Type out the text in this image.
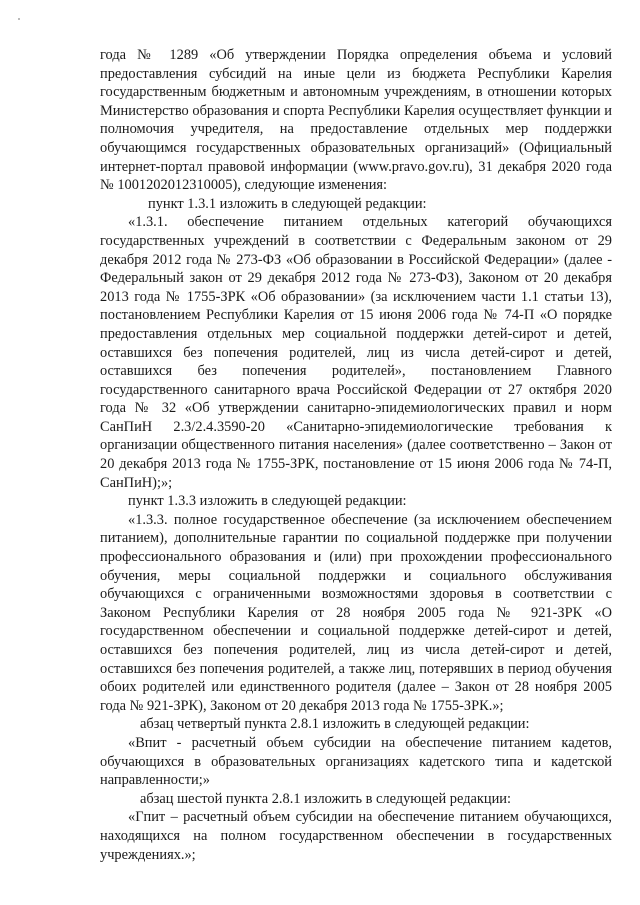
года № 1289 «Об утверждении Порядка определения объема и условий предоставления субсидий на иные цели из бюджета Республики Карелия государственным бюджетным и автономным учреждениям, в отношении которых Министерство образования и спорта Республики Карелия осуществляет функции и полномочия учредителя, на предоставление отдельных мер поддержки обучающимся государственных образовательных организаций» (Официальный интернет-портал правовой информации (www.pravo.gov.ru), 31 декабря 2020 года № 1001202012310005), следующие изменения:

пункт 1.3.1 изложить в следующей редакции:

«1.3.1. обеспечение питанием отдельных категорий обучающихся государственных учреждений в соответствии с Федеральным законом от 29 декабря 2012 года № 273-ФЗ «Об образовании в Российской Федерации» (далее - Федеральный закон от 29 декабря 2012 года № 273-ФЗ), Законом от 20 декабря 2013 года № 1755-ЗРК «Об образовании» (за исключением части 1.1 статьи 13), постановлением Республики Карелия от 15 июня 2006 года № 74-П «О порядке предоставления отдельных мер социальной поддержки детей-сирот и детей, оставшихся без попечения родителей, лиц из числа детей-сирот и детей, оставшихся без попечения родителей», постановлением Главного государственного санитарного врача Российской Федерации от 27 октября 2020 года № 32 «Об утверждении санитарно-эпидемиологических правил и норм СанПиН 2.3/2.4.3590-20 «Санитарно-эпидемиологические требования к организации общественного питания населения» (далее соответственно – Закон от 20 декабря 2013 года № 1755-ЗРК, постановление от 15 июня 2006 года № 74-П, СанПиН);»;

пункт 1.3.3 изложить в следующей редакции:

«1.3.3. полное государственное обеспечение (за исключением обеспечением питанием), дополнительные гарантии по социальной поддержке при получении профессионального образования и (или) при прохождении профессионального обучения, меры социальной поддержки и социального обслуживания обучающихся с ограниченными возможностями здоровья в соответствии с Законом Республики Карелия от 28 ноября 2005 года № 921-ЗРК «О государственном обеспечении и социальной поддержке детей-сирот и детей, оставшихся без попечения родителей, лиц из числа детей-сирот и детей, оставшихся без попечения родителей, а также лиц, потерявших в период обучения обоих родителей или единственного родителя (далее – Закон от 28 ноября 2005 года № 921-ЗРК), Законом от 20 декабря 2013 года № 1755-ЗРК.»;

абзац четвертый пункта 2.8.1 изложить в следующей редакции:

«Впит - расчетный объем субсидии на обеспечение питанием кадетов, обучающихся в образовательных организациях кадетского типа и кадетской направленности;»

абзац шестой пункта 2.8.1 изложить в следующей редакции:

«Гпит – расчетный объем субсидии на обеспечение питанием обучающихся, находящихся на полном государственном обеспечении в государственных учреждениях.»;
